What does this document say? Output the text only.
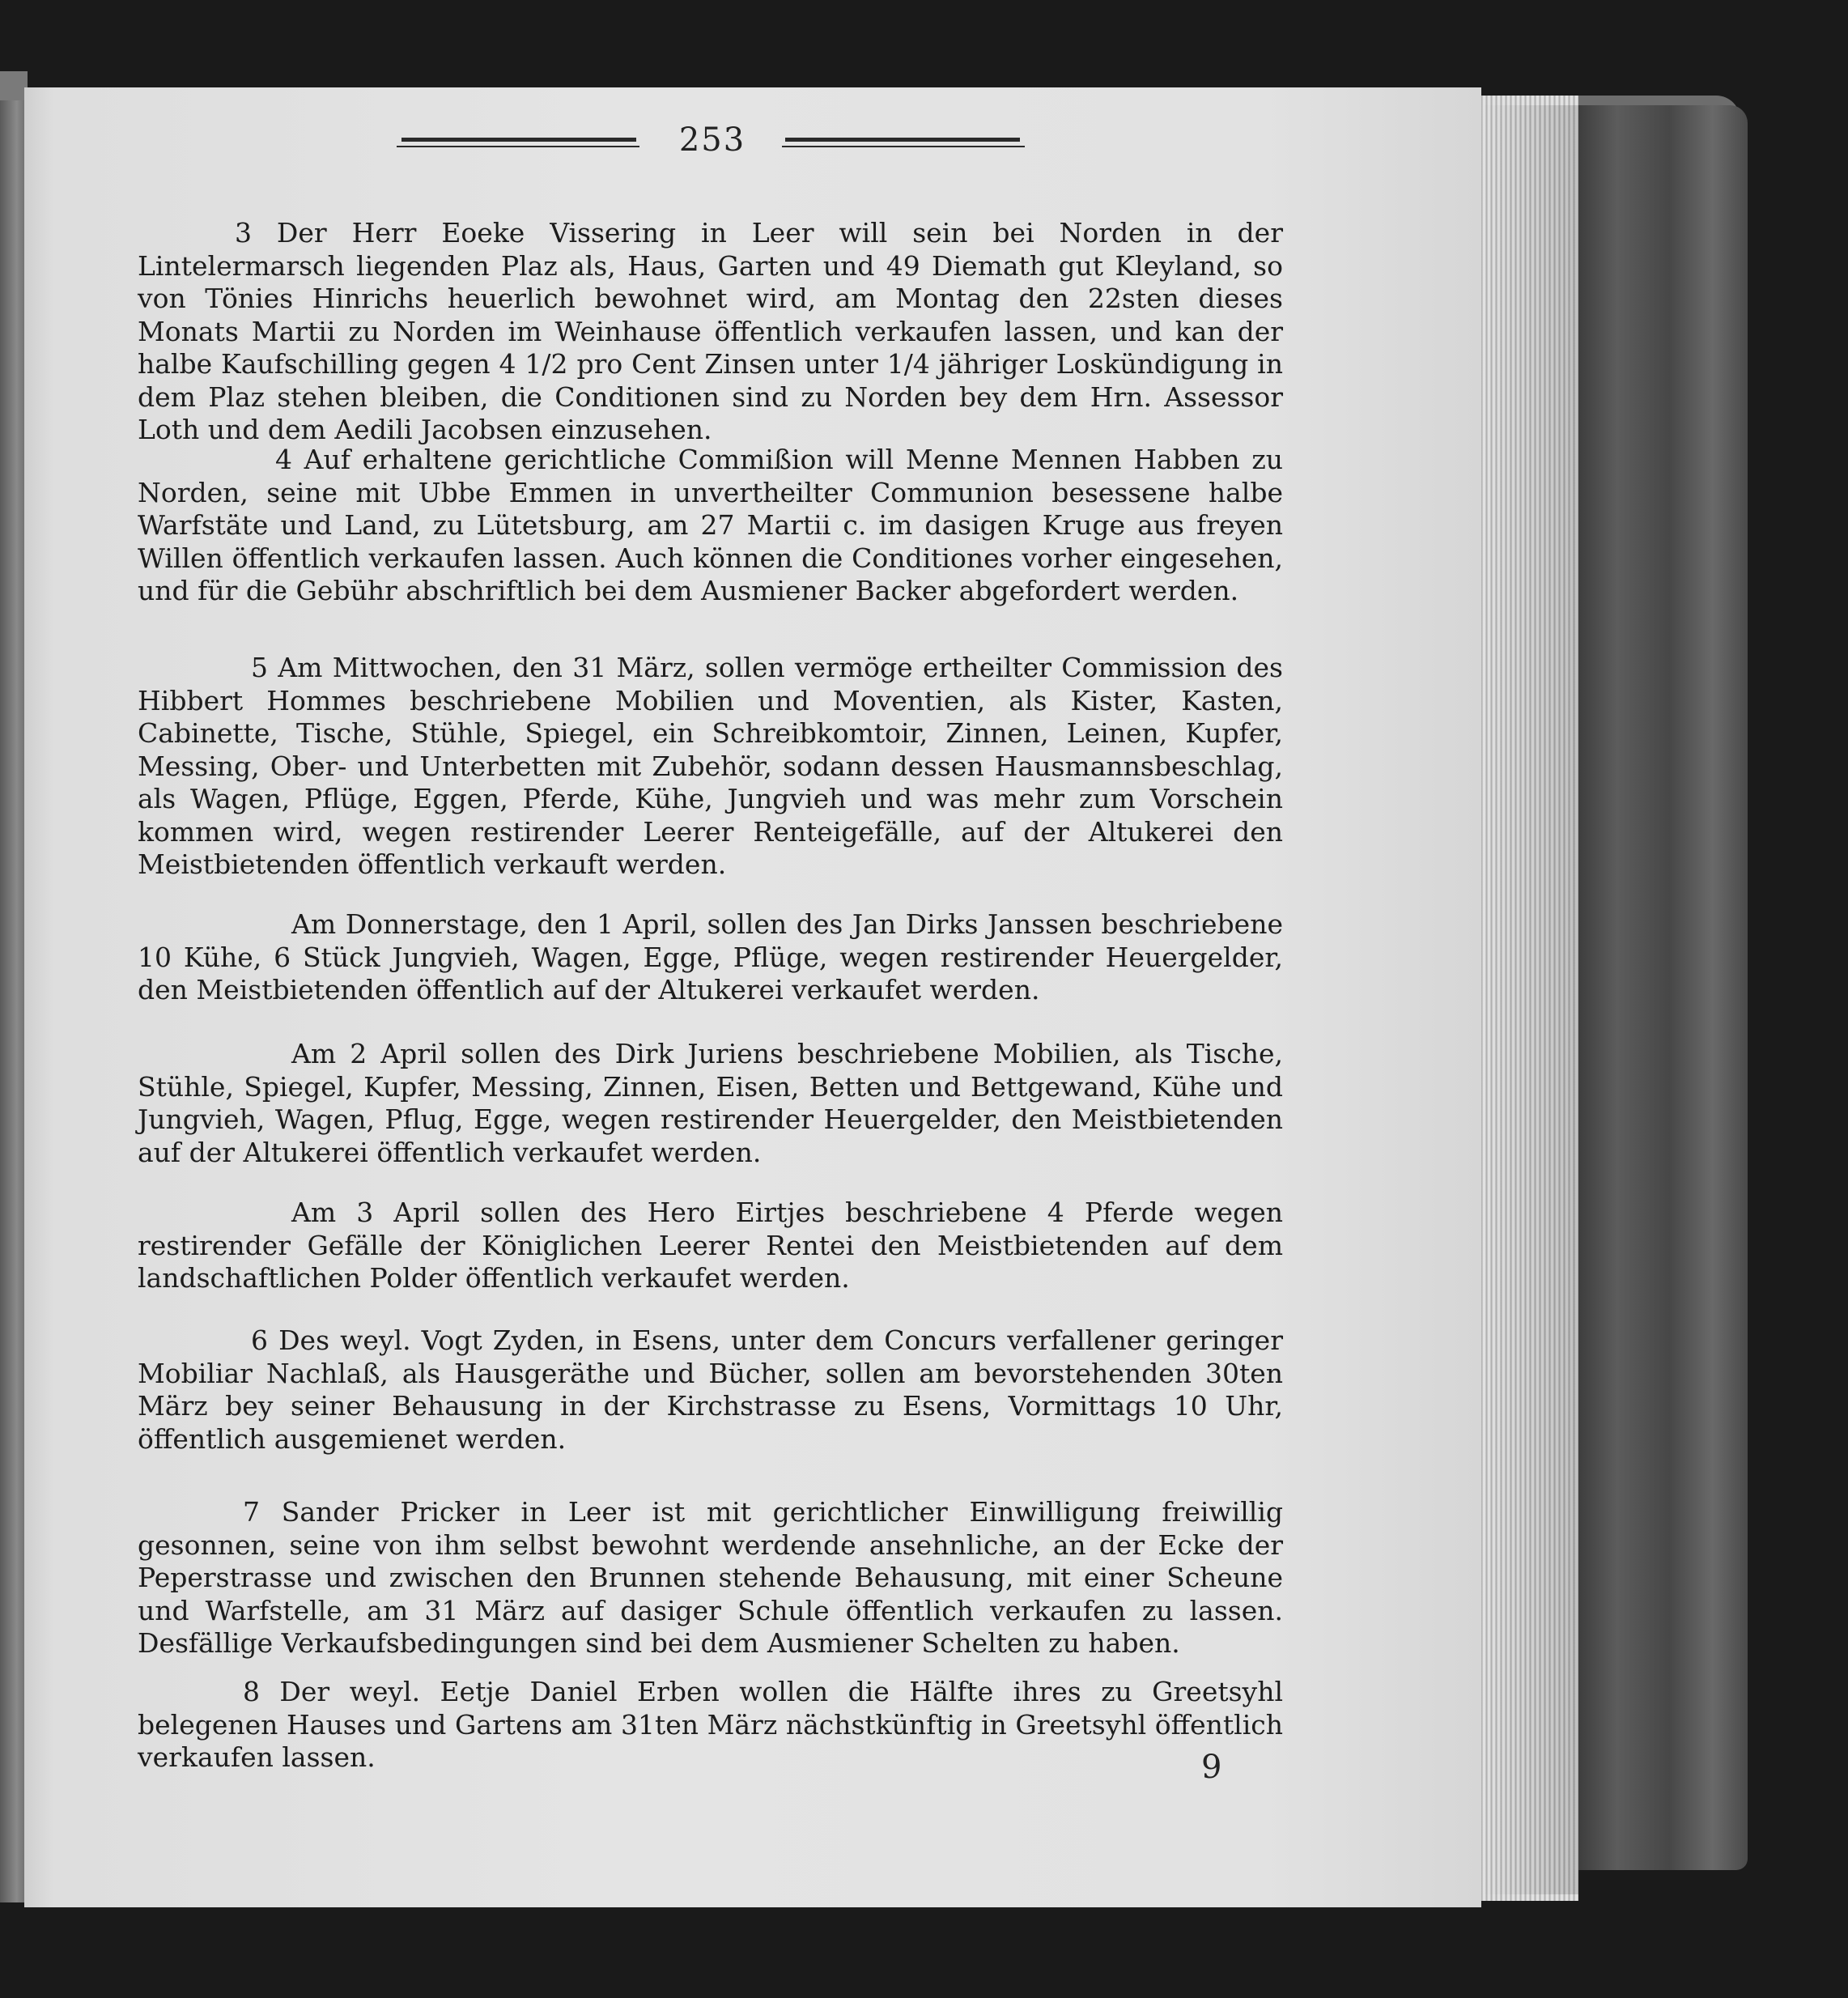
253

3 Der Herr Eoeke Vissering in Leer will sein bei Norden in der Lintelermarsch liegenden Plaz als, Haus, Garten und 49 Diemath gut Kleyland, so von Tönies Hinrichs heuerlich bewohnet wird, am Montag den 22sten dieses Monats Martii zu Norden im Weinhause öffentlich verkaufen lassen, und kan der halbe Kaufschilling gegen 4 1/2 pro Cent Zinsen unter 1/4 jähriger Loskündigung in dem Plaz stehen bleiben, die Conditionen sind zu Norden bey dem Hrn. Assessor Loth und dem Aedili Jacobsen einzusehen.

4 Auf erhaltene gerichtliche Commißion will Menne Mennen Habben zu Norden, seine mit Ubbe Emmen in unvertheilter Communion besessene halbe Warfstäte und Land, zu Lütetsburg, am 27 Martii c. im dasigen Kruge aus freyen Willen öffentlich verkaufen lassen. Auch können die Conditiones vorher eingesehen, und für die Gebühr abschriftlich bei dem Ausmiener Backer abgefordert werden.

5 Am Mittwochen, den 31 März, sollen vermöge ertheilter Commission des Hibbert Hommes beschriebene Mobilien und Moventien, als Kister, Kasten, Cabinette, Tische, Stühle, Spiegel, ein Schreibkomtoir, Zinnen, Leinen, Kupfer, Messing, Ober- und Unterbetten mit Zubehör, sodann dessen Hausmannsbeschlag, als Wagen, Pflüge, Eggen, Pferde, Kühe, Jungvieh und was mehr zum Vorschein kommen wird, wegen restirender Leerer Renteigefälle, auf der Altukerei den Meistbietenden öffentlich verkauft werden.

Am Donnerstage, den 1 April, sollen des Jan Dirks Janssen beschriebene 10 Kühe, 6 Stück Jungvieh, Wagen, Egge, Pflüge, wegen restirender Heuergelder, den Meistbietenden öffentlich auf der Altukerei verkaufet werden.

Am 2 April sollen des Dirk Juriens beschriebene Mobilien, als Tische, Stühle, Spiegel, Kupfer, Messing, Zinnen, Eisen, Betten und Bettgewand, Kühe und Jungvieh, Wagen, Pflug, Egge, wegen restirender Heuergelder, den Meistbietenden auf der Altukerei öffentlich verkaufet werden.

Am 3 April sollen des Hero Eirtjes beschriebene 4 Pferde wegen restirender Gefälle der Königlichen Leerer Rentei den Meistbietenden auf dem landschaftlichen Polder öffentlich verkaufet werden.

6 Des weyl. Vogt Zyden, in Esens, unter dem Concurs verfallener geringer Mobiliar Nachlaß, als Hausgeräthe und Bücher, sollen am bevorstehenden 30ten März bey seiner Behausung in der Kirchstrasse zu Esens, Vormittags 10 Uhr, öffentlich ausgemienet werden.

7 Sander Pricker in Leer ist mit gerichtlicher Einwilligung freiwillig gesonnen, seine von ihm selbst bewohnt werdende ansehnliche, an der Ecke der Peperstrasse und zwischen den Brunnen stehende Behausung, mit einer Scheune und Warfstelle, am 31 März auf dasiger Schule öffentlich verkaufen zu lassen. Desfällige Verkaufsbedingungen sind bei dem Ausmiener Schelten zu haben.

8 Der weyl. Eetje Daniel Erben wollen die Hälfte ihres zu Greetsyhl belegenen Hauses und Gartens am 31ten März nächstkünftig in Greetsyhl öffentlich verkaufen lassen.	9
